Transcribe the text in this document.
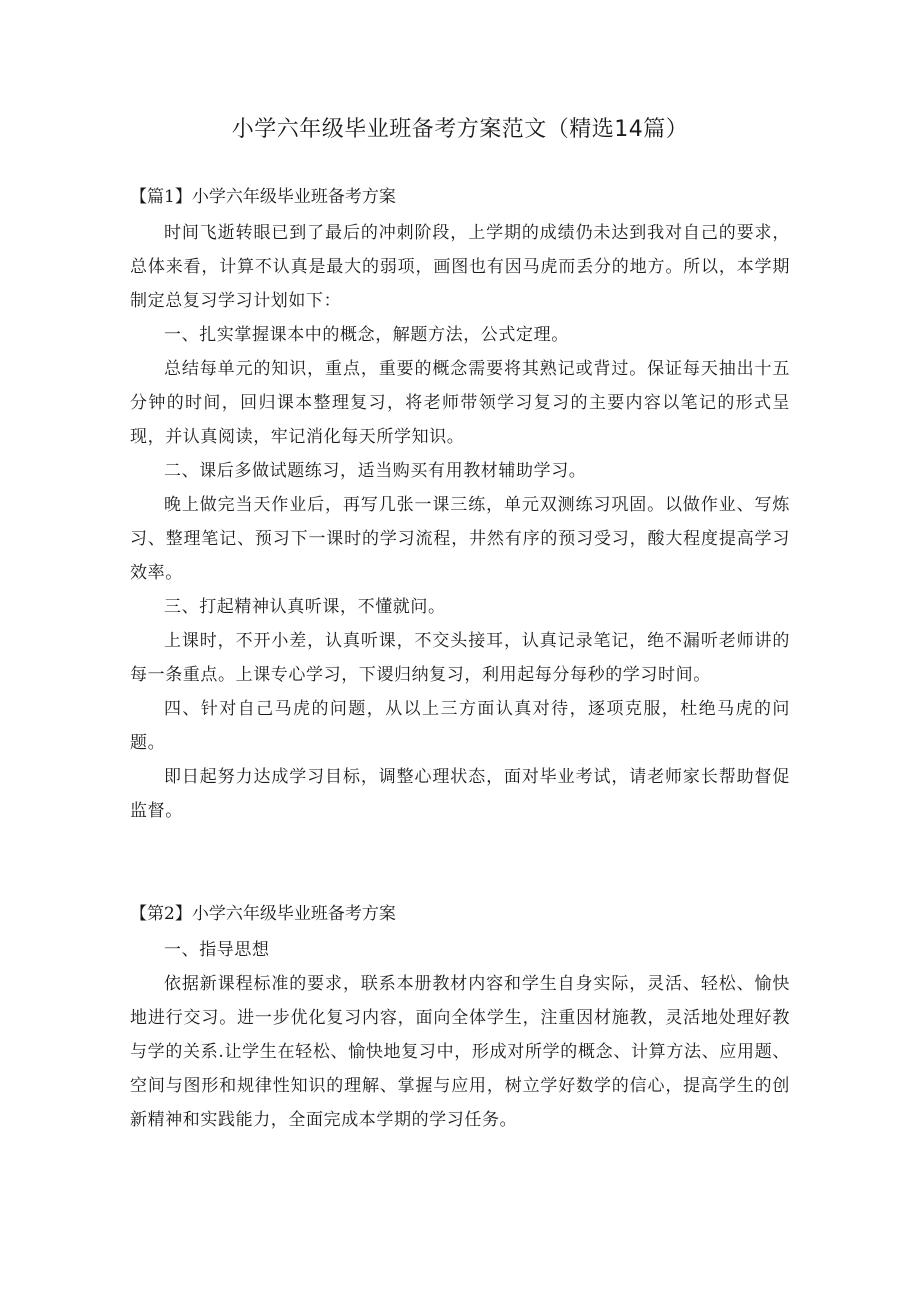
小学六年级毕业班备考方案范文（精选14篇）

【篇1】小学六年级毕业班备考方案

时间飞逝转眼已到了最后的冲刺阶段，上学期的成绩仍未达到我对自己的要求，总体来看，计算不认真是最大的弱项，画图也有因马虎而丢分的地方。所以，本学期制定总复习学习计划如下：

一、扎实掌握课本中的概念，解题方法，公式定理。

总结每单元的知识，重点，重要的概念需要将其熟记或背过。保证每天抽出十五分钟的时间，回归课本整理复习，将老师带领学习复习的主要内容以笔记的形式呈现，并认真阅读，牢记消化每天所学知识。

二、课后多做试题练习，适当购买有用教材辅助学习。

晚上做完当天作业后，再写几张一课三练，单元双测练习巩固。以做作业、写炼习、整理笔记、预习下一课时的学习流程，井然有序的预习受习，酸大程度提高学习效率。

三、打起精神认真听课，不懂就问。

上课时，不开小差，认真听课，不交头接耳，认真记录笔记，绝不漏听老师讲的每一条重点。上课专心学习，下谡归纳复习，利用起每分每秒的学习时间。

四、针对自己马虎的问题，从以上三方面认真对待，逐项克服，杜绝马虎的问题。

即日起努力达成学习目标，调整心理状态，面对毕业考试，请老师家长帮助督促监督。

【第2】小学六年级毕业班备考方案

一、指导思想

依据新课程标准的要求，联系本册教材内容和学生自身实际，灵活、轻松、愉快地进行交习。进一步优化复习内容，面向全体学生，注重因材施教，灵活地处理好教与学的关系.让学生在轻松、愉快地复习中，形成对所学的概念、计算方法、应用题、空间与图形和规律性知识的理解、掌握与应用，树立学好数学的信心，提高学生的创新精神和实践能力，全面完成本学期的学习任务。
